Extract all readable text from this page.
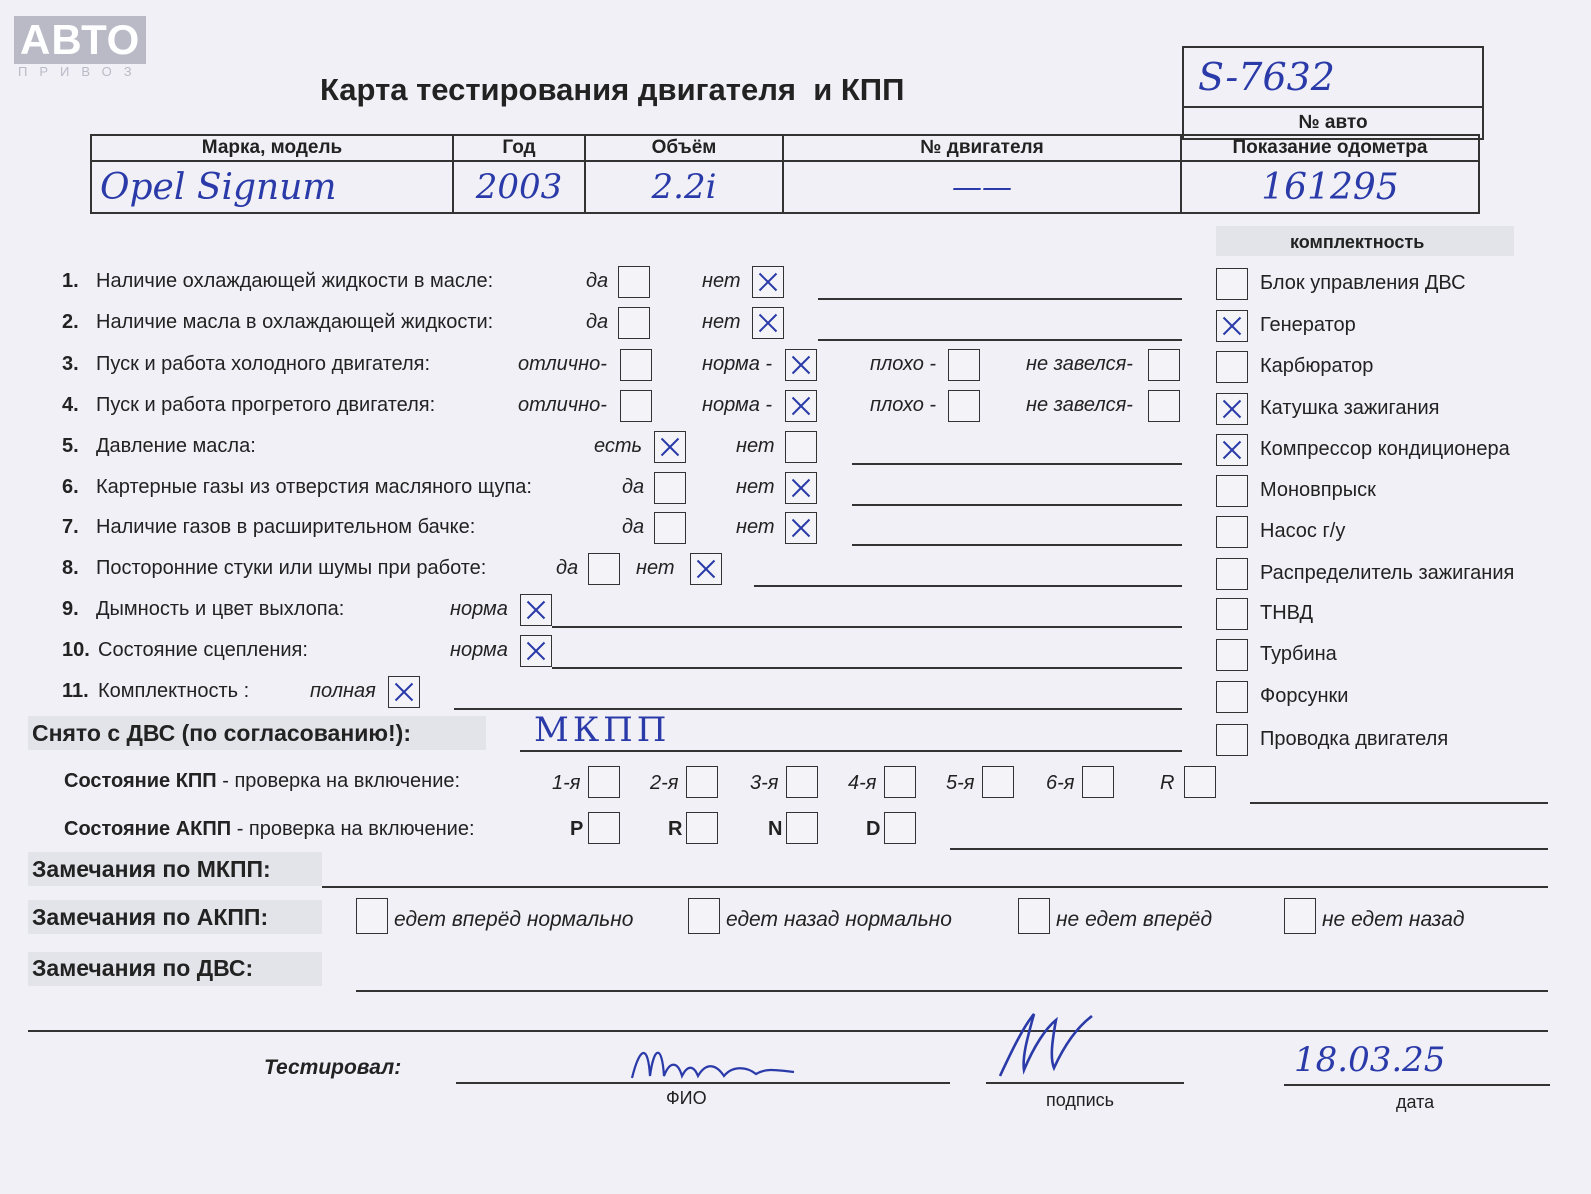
АВТО
ПРИВОЗ
Карта тестирования двигателя  и КПП	S-7632
№ авто
Марка, модель	Год	Объём	№ двигателя	Показание одометра
Opel Signum	2003	2.2i	——	161295
комплектность
1. Наличие охлаждающей жидкости в масле:	да	нет
2. Наличие масла в охлаждающей жидкости:	да	нет
3. Пуск и работа холодного двигателя:	отлично-	норма -	плохо -	не завелся-
4. Пуск и работа прогретого двигателя:	отлично-	норма -	плохо -	не завелся-
5. Давление масла:	есть	нет
6. Картерные газы из отверстия масляного щупа:	да	нет
7. Наличие газов в расширительном бачке:	да	нет
8. Посторонние стуки или шумы при работе:	да	нет
9. Дымность и цвет выхлопа:	норма
10. Состояние сцепления:	норма
11. Комплектность :	полная
Блок управления ДВС
Генератор
Карбюратор
Катушка зажигания
Компрессор кондиционера
Моновпрыск
Насос г/у
Распределитель зажигания
ТНВД
Турбина
Форсунки
Проводка двигателя
Снято с ДВС (по согласованию!):	МКПП
Состояние КПП - проверка на включение:	1-я	2-я	3-я	4-я	5-я	6-я	R
Состояние АКПП - проверка на включение:	P	R	N	D
Замечания по МКПП:
Замечания по АКПП:	едет вперёд нормально	едет назад нормально	не едет вперёд	не едет назад
Замечания по ДВС:
Тестировал:
ФИО	подпись	дата
18.03.25
